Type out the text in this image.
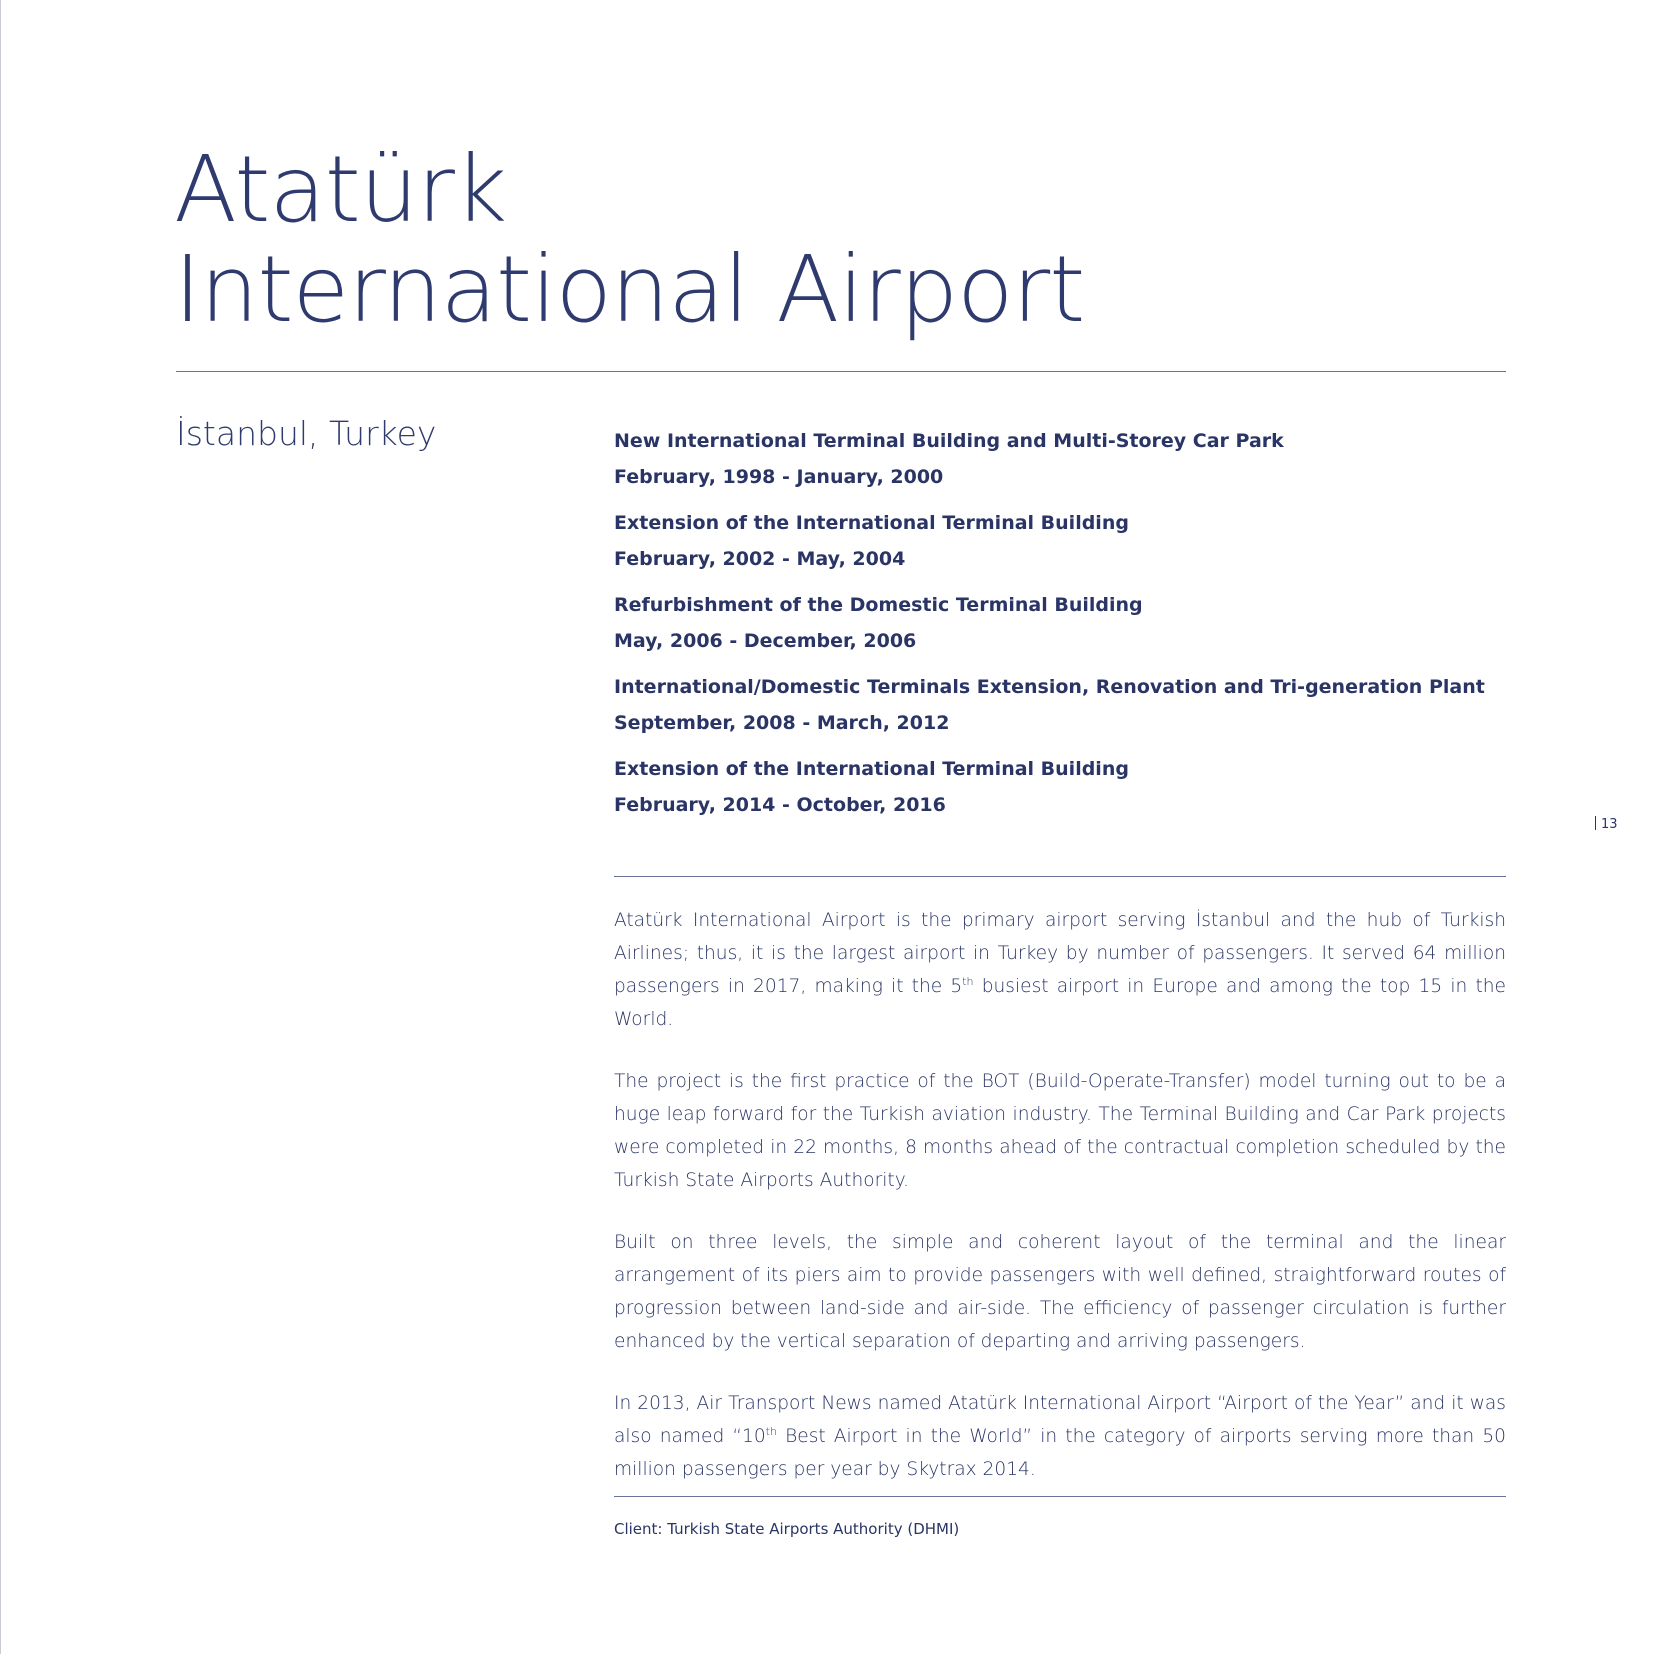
Atatürk
International Airport
İstanbul, Turkey	New International Terminal Building and Multi-Storey Car Park
February, 1998 - January, 2000
Extension of the International Terminal Building
February, 2002 - May, 2004
Refurbishment of the Domestic Terminal Building
May, 2006 - December, 2006
International/Domestic Terminals Extension, Renovation and Tri-generation Plant
September, 2008 - March, 2012
Extension of the International Terminal Building
February, 2014 - October, 2016
13

Atatürk International Airport is the primary airport serving İstanbul and the hub of Turkish Airlines; thus, it is the largest airport in Turkey by number of passengers. It served 64 million passengers in 2017, making it the 5th busiest airport in Europe and among the top 15 in the World.

The project is the first practice of the BOT (Build-Operate-Transfer) model turning out to be a huge leap forward for the Turkish aviation industry. The Terminal Building and Car Park projects were completed in 22 months, 8 months ahead of the contractual completion scheduled by the Turkish State Airports Authority.

Built on three levels, the simple and coherent layout of the terminal and the linear arrangement of its piers aim to provide passengers with well defined, straightforward routes of progression between land-side and air-side. The efficiency of passenger circulation is further enhanced by the vertical separation of departing and arriving passengers.

In 2013, Air Transport News named Atatürk International Airport “Airport of the Year” and it was also named “10th Best Airport in the World” in the category of airports serving more than 50 million passengers per year by Skytrax 2014.

Client: Turkish State Airports Authority (DHMI)
